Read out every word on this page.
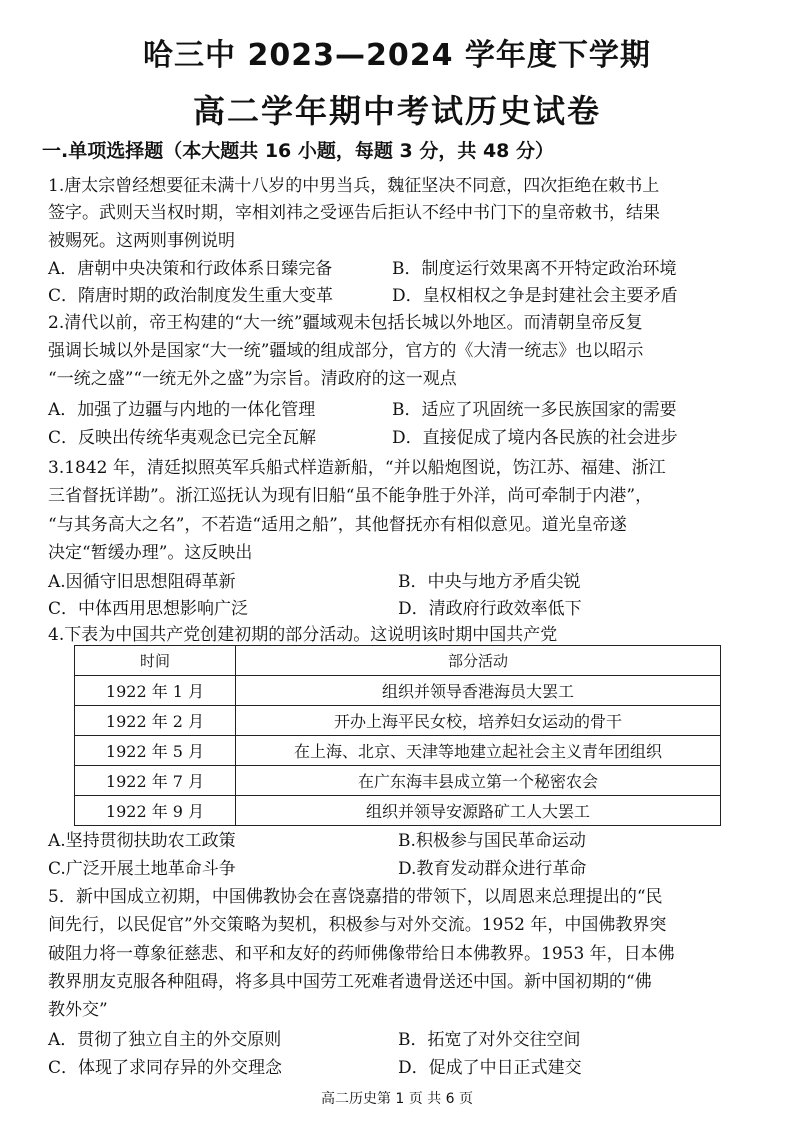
哈三中 2023—2024 学年度下学期
高二学年期中考试历史试卷
一.单项选择题（本大题共 16 小题，每题 3 分，共 48 分）
1.唐太宗曾经想要征未满十八岁的中男当兵，魏征坚决不同意，四次拒绝在敕书上
签字。武则天当权时期，宰相刘祎之受诬告后拒认不经中书门下的皇帝敕书，结果
被赐死。这两则事例说明
A．唐朝中央决策和行政体系日臻完备	B．制度运行效果离不开特定政治环境
C．隋唐时期的政治制度发生重大变革	D．皇权相权之争是封建社会主要矛盾
2.清代以前，帝王构建的“大一统”疆域观未包括长城以外地区。而清朝皇帝反复
强调长城以外是国家“大一统”疆域的组成部分，官方的《大清一统志》也以昭示
“一统之盛”“一统无外之盛”为宗旨。清政府的这一观点
A．加强了边疆与内地的一体化管理	B．适应了巩固统一多民族国家的需要
C．反映出传统华夷观念已完全瓦解	D．直接促成了境内各民族的社会进步
3.1842 年，清廷拟照英军兵船式样造新船，“并以船炮图说，饬江苏、福建、浙江
三省督抚详勘”。浙江巡抚认为现有旧船“虽不能争胜于外洋，尚可牵制于内港”，
“与其务高大之名”，不若造“适用之船”，其他督抚亦有相似意见。道光皇帝遂
决定“暂缓办理”。这反映出
A.因循守旧思想阻碍革新	B．中央与地方矛盾尖锐
C．中体西用思想影响广泛	D．清政府行政效率低下
4.下表为中国共产党创建初期的部分活动。这说明该时期中国共产党
时间	部分活动
1922 年 1 月	组织并领导香港海员大罢工
1922 年 2 月	开办上海平民女校，培养妇女运动的骨干
1922 年 5 月	在上海、北京、天津等地建立起社会主义青年团组织
1922 年 7 月	在广东海丰县成立第一个秘密农会
1922 年 9 月	组织并领导安源路矿工人大罢工
A.坚持贯彻扶助农工政策	B.积极参与国民革命运动
C.广泛开展土地革命斗争	D.教育发动群众进行革命
5．新中国成立初期，中国佛教协会在喜饶嘉措的带领下，以周恩来总理提出的“民
间先行，以民促官”外交策略为契机，积极参与对外交流。1952 年，中国佛教界突
破阻力将一尊象征慈悲、和平和友好的药师佛像带给日本佛教界。1953 年，日本佛
教界朋友克服各种阻碍，将多具中国劳工死难者遗骨送还中国。新中国初期的“佛
教外交”
A．贯彻了独立自主的外交原则	B．拓宽了对外交往空间
C．体现了求同存异的外交理念	D．促成了中日正式建交
高二历史第 1 页 共 6 页
